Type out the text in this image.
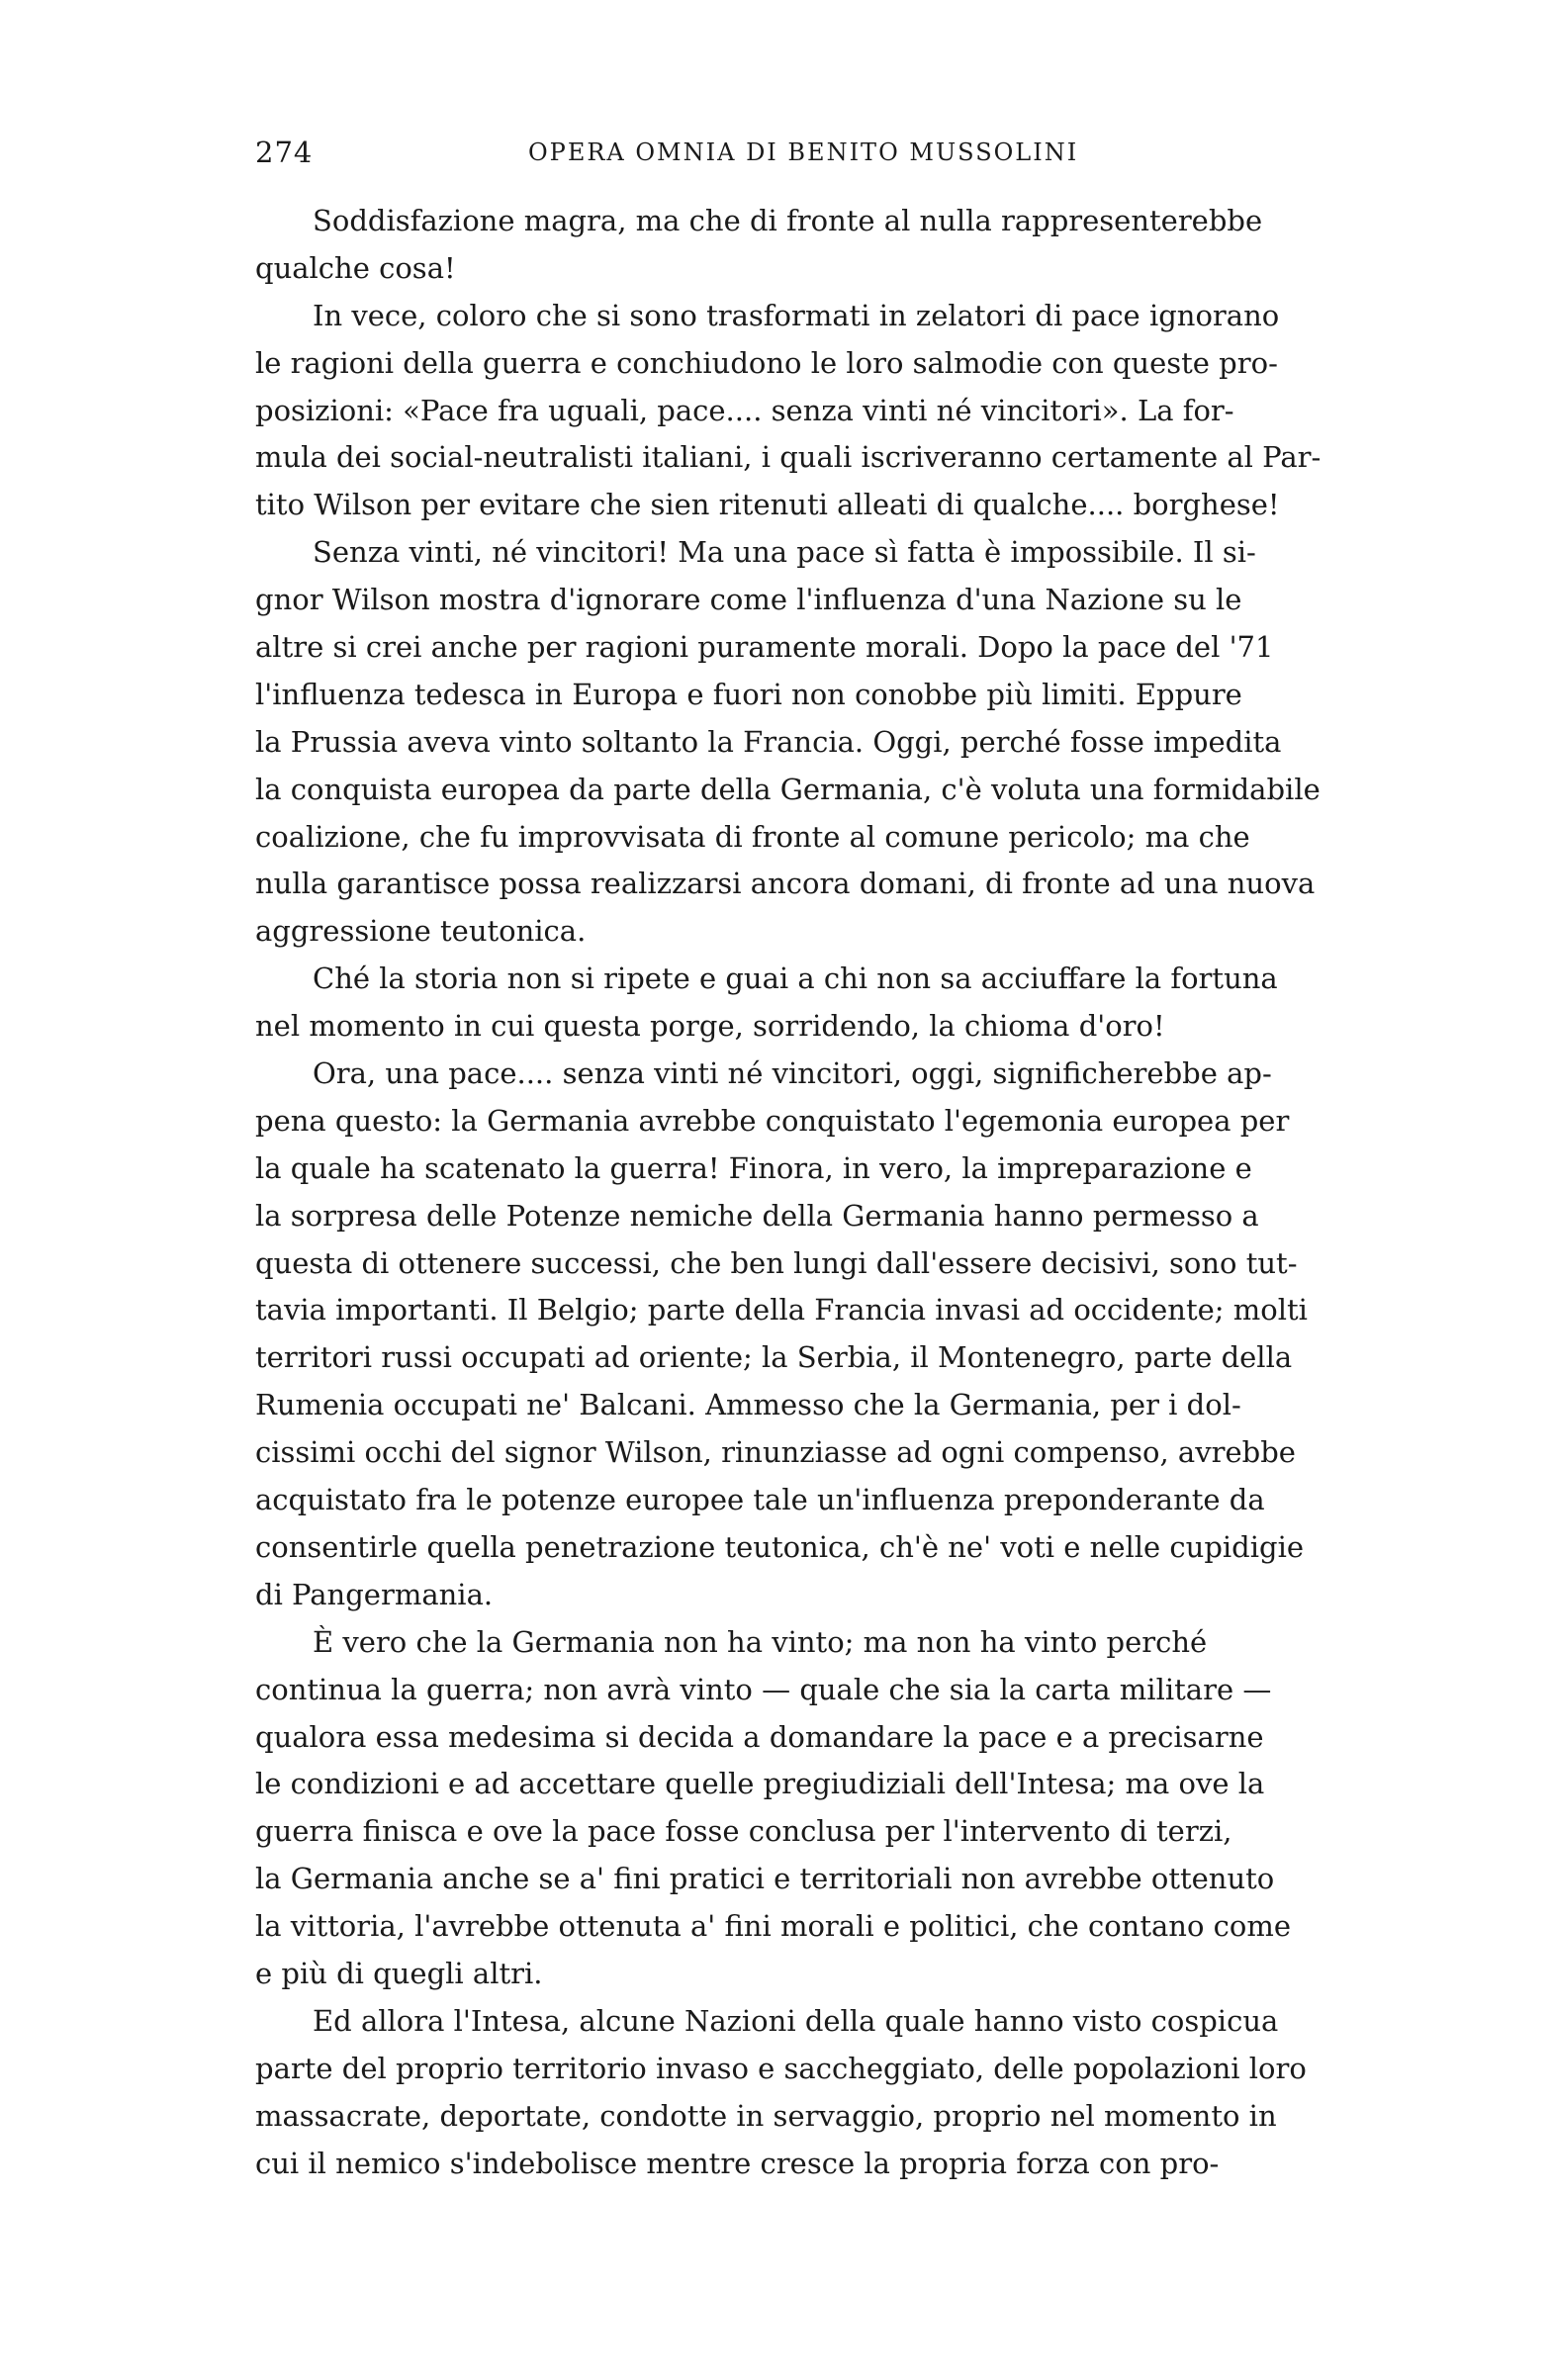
274	OPERA OMNIA DI BENITO MUSSOLINI
Soddisfazione magra, ma che di fronte al nulla rappresenterebbe
qualche cosa!
In vece, coloro che si sono trasformati in zelatori di pace ignorano
le ragioni della guerra e conchiudono le loro salmodie con queste pro-
posizioni: «Pace fra uguali, pace.... senza vinti né vincitori». La for-
mula dei social-neutralisti italiani, i quali iscriveranno certamente al Par-
tito Wilson per evitare che sien ritenuti alleati di qualche.... borghese!
Senza vinti, né vincitori! Ma una pace sì fatta è impossibile. Il si-
gnor Wilson mostra d'ignorare come l'influenza d'una Nazione su le
altre si crei anche per ragioni puramente morali. Dopo la pace del '71
l'influenza tedesca in Europa e fuori non conobbe più limiti. Eppure
la Prussia aveva vinto soltanto la Francia. Oggi, perché fosse impedita
la conquista europea da parte della Germania, c'è voluta una formidabile
coalizione, che fu improvvisata di fronte al comune pericolo; ma che
nulla garantisce possa realizzarsi ancora domani, di fronte ad una nuova
aggressione teutonica.
Ché la storia non si ripete e guai a chi non sa acciuffare la fortuna
nel momento in cui questa porge, sorridendo, la chioma d'oro!
Ora, una pace.... senza vinti né vincitori, oggi, significherebbe ap-
pena questo: la Germania avrebbe conquistato l'egemonia europea per
la quale ha scatenato la guerra! Finora, in vero, la impreparazione e
la sorpresa delle Potenze nemiche della Germania hanno permesso a
questa di ottenere successi, che ben lungi dall'essere decisivi, sono tut-
tavia importanti. Il Belgio; parte della Francia invasi ad occidente; molti
territori russi occupati ad oriente; la Serbia, il Montenegro, parte della
Rumenia occupati ne' Balcani. Ammesso che la Germania, per i dol-
cissimi occhi del signor Wilson, rinunziasse ad ogni compenso, avrebbe
acquistato fra le potenze europee tale un'influenza preponderante da
consentirle quella penetrazione teutonica, ch'è ne' voti e nelle cupidigie
di Pangermania.
È vero che la Germania non ha vinto; ma non ha vinto perché
continua la guerra; non avrà vinto — quale che sia la carta militare —
qualora essa medesima si decida a domandare la pace e a precisarne
le condizioni e ad accettare quelle pregiudiziali dell'Intesa; ma ove la
guerra finisca e ove la pace fosse conclusa per l'intervento di terzi,
la Germania anche se a' fini pratici e territoriali non avrebbe ottenuto
la vittoria, l'avrebbe ottenuta a' fini morali e politici, che contano come
e più di quegli altri.
Ed allora l'Intesa, alcune Nazioni della quale hanno visto cospicua
parte del proprio territorio invaso e saccheggiato, delle popolazioni loro
massacrate, deportate, condotte in servaggio, proprio nel momento in
cui il nemico s'indebolisce mentre cresce la propria forza con pro-
